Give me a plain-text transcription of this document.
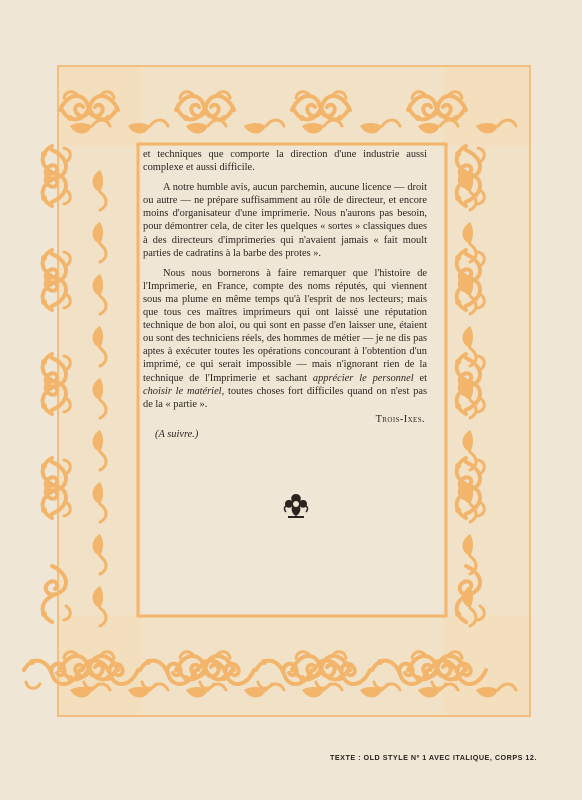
et techniques que comporte la direction d'une industrie aussi complexe et aussi difficile.

A notre humble avis, aucun parchemin, aucune licence — droit ou autre — ne prépare suffisamment au rôle de directeur, et encore moins d'organisateur d'une imprimerie. Nous n'aurons pas besoin, pour démontrer cela, de citer les quelques « sortes » classiques dues à des directeurs d'imprimeries qui n'avaient jamais « fait moult parties de cadratins à la barbe des protes ».

Nous nous bornerons à faire remarquer que l'histoire de l'Imprimerie, en France, compte des noms réputés, qui viennent sous ma plume en même temps qu'à l'esprit de nos lecteurs; mais que tous ces maîtres imprimeurs qui ont laissé une réputation technique de bon aloi, ou qui sont en passe d'en laisser une, étaient ou sont des techniciens réels, des hommes de métier — je ne dis pas aptes à exécuter toutes les opérations concourant à l'obtention d'un imprimé, ce qui serait impossible — mais n'ignorant rien de la technique de l'Imprimerie et sachant apprécier le personnel et choisir le matériel, toutes choses fort difficiles quand on n'est pas de la « partie ».

Trois-Ixes.
(A suivre.)
TEXTE : OLD STYLE Nº 1 AVEC ITALIQUE, CORPS 12.
